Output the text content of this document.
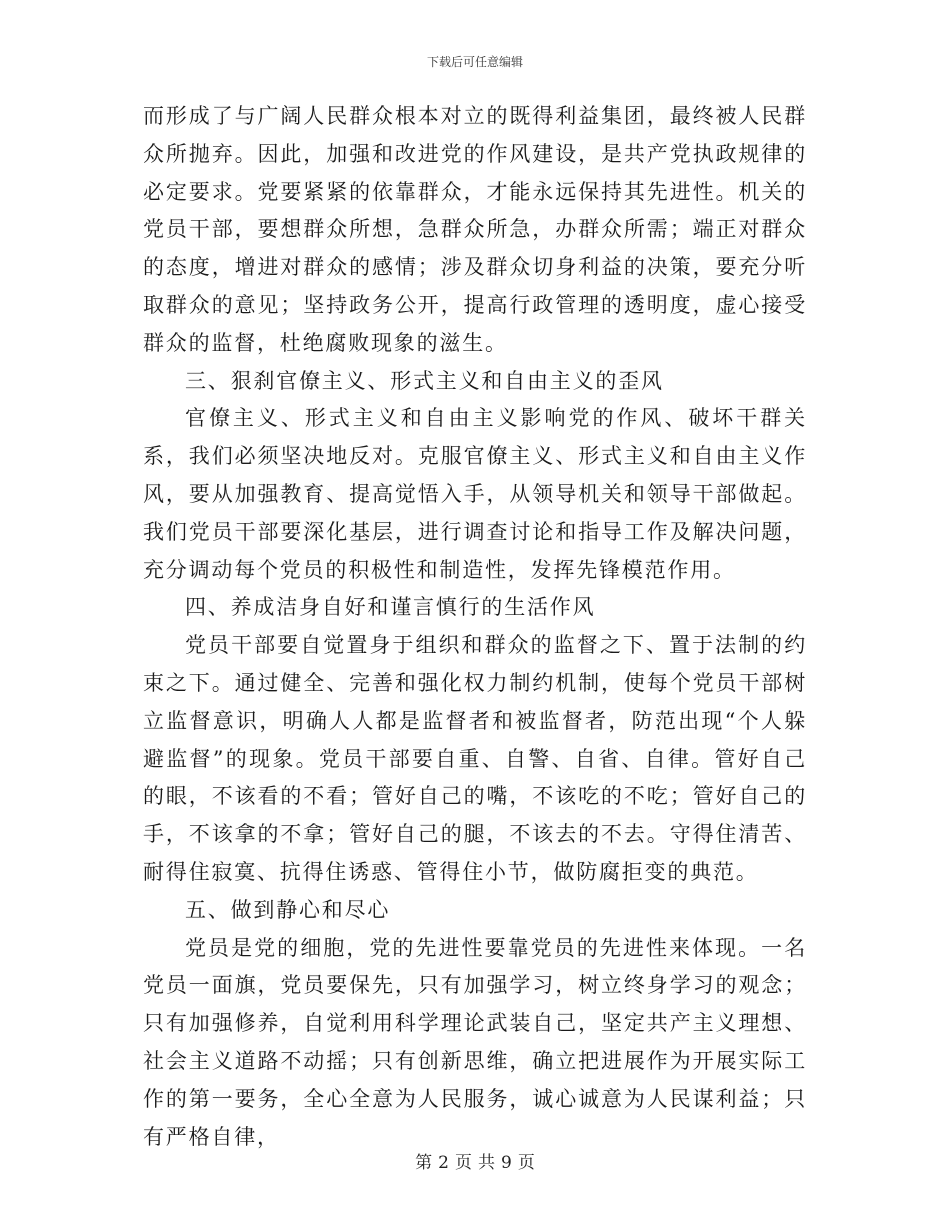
下载后可任意编辑

而形成了与广阔人民群众根本对立的既得利益集团，最终被人民群众所抛弃。因此，加强和改进党的作风建设，是共产党执政规律的必定要求。党要紧紧的依靠群众，才能永远保持其先进性。机关的党员干部，要想群众所想，急群众所急，办群众所需；端正对群众的态度，增进对群众的感情；涉及群众切身利益的决策，要充分听取群众的意见；坚持政务公开，提高行政管理的透明度，虚心接受群众的监督，杜绝腐败现象的滋生。

三、狠刹官僚主义、形式主义和自由主义的歪风

官僚主义、形式主义和自由主义影响党的作风、破坏干群关系，我们必须坚决地反对。克服官僚主义、形式主义和自由主义作风，要从加强教育、提高觉悟入手，从领导机关和领导干部做起。我们党员干部要深化基层，进行调查讨论和指导工作及解决问题，充分调动每个党员的积极性和制造性，发挥先锋模范作用。

四、养成洁身自好和谨言慎行的生活作风

党员干部要自觉置身于组织和群众的监督之下、置于法制的约束之下。通过健全、完善和强化权力制约机制，使每个党员干部树立监督意识，明确人人都是监督者和被监督者，防范出现“个人躲避监督”的现象。党员干部要自重、自警、自省、自律。管好自己的眼，不该看的不看；管好自己的嘴，不该吃的不吃；管好自己的手，不该拿的不拿；管好自己的腿，不该去的不去。守得住清苦、耐得住寂寞、抗得住诱惑、管得住小节，做防腐拒变的典范。

五、做到静心和尽心

党员是党的细胞，党的先进性要靠党员的先进性来体现。一名党员一面旗，党员要保先，只有加强学习，树立终身学习的观念；只有加强修养，自觉利用科学理论武装自己，坚定共产主义理想、社会主义道路不动摇；只有创新思维，确立把进展作为开展实际工作的第一要务，全心全意为人民服务，诚心诚意为人民谋利益；只有严格自律，

第 2 页 共 9 页
